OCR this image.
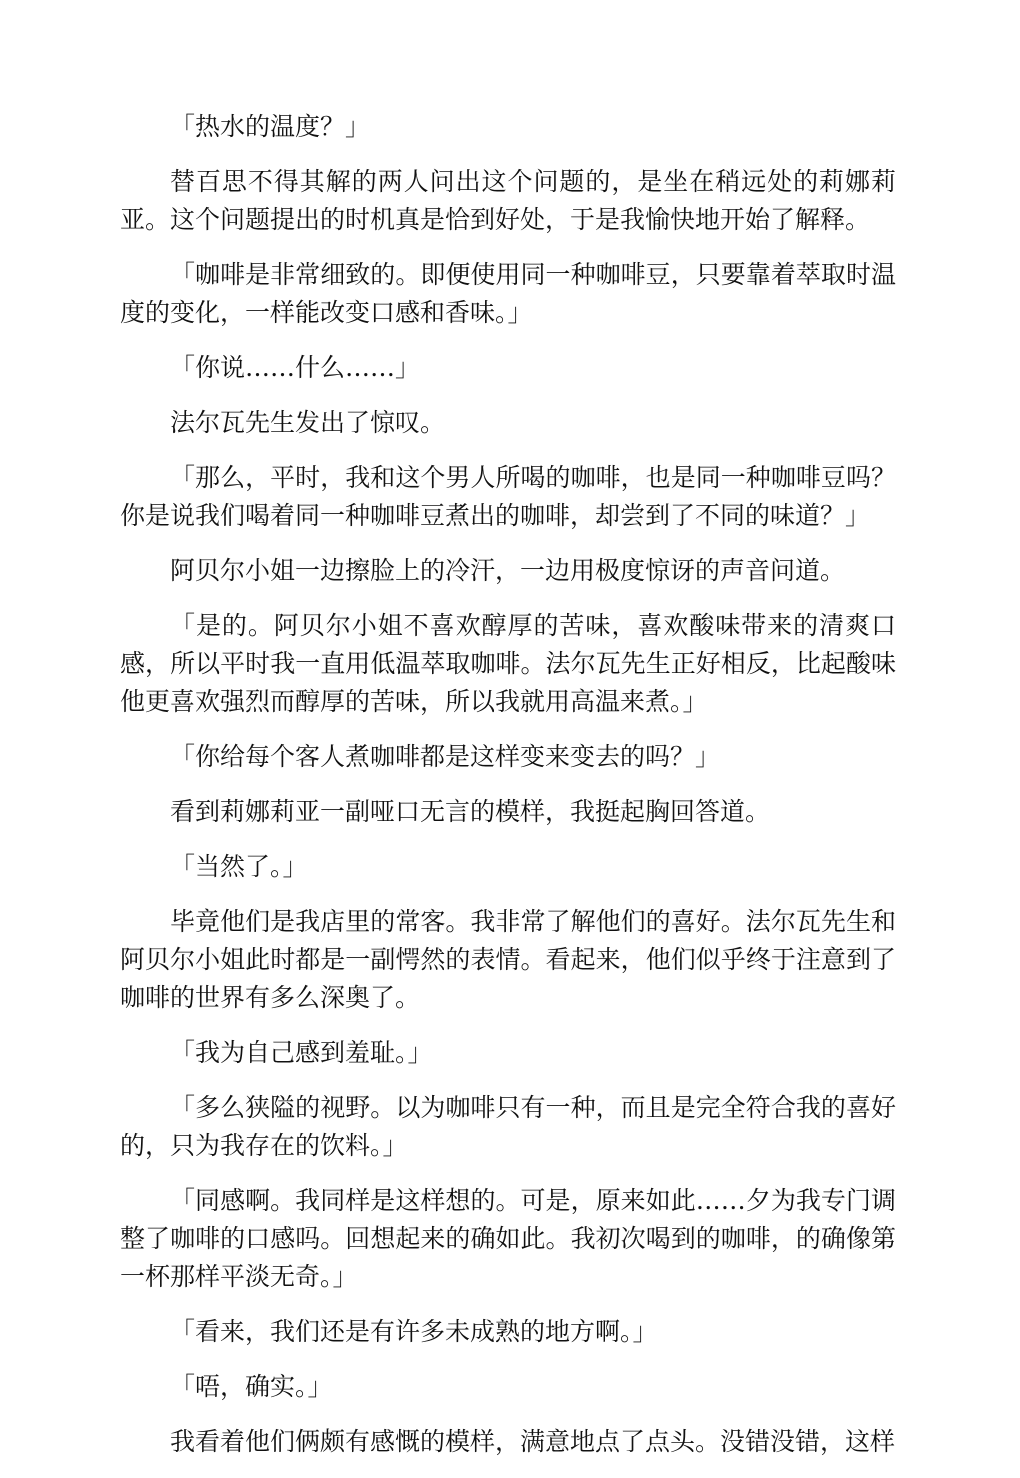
「热水的温度？」

替百思不得其解的两人问出这个问题的，是坐在稍远处的莉娜莉亚。这个问题提出的时机真是恰到好处，于是我愉快地开始了解释。

「咖啡是非常细致的。即便使用同一种咖啡豆，只要靠着萃取时温度的变化，一样能改变口感和香味。」

「你说……什么……」

法尔瓦先生发出了惊叹。

「那么，平时，我和这个男人所喝的咖啡，也是同一种咖啡豆吗？你是说我们喝着同一种咖啡豆煮出的咖啡，却尝到了不同的味道？」

阿贝尔小姐一边擦脸上的冷汗，一边用极度惊讶的声音问道。

「是的。阿贝尔小姐不喜欢醇厚的苦味，喜欢酸味带来的清爽口感，所以平时我一直用低温萃取咖啡。法尔瓦先生正好相反，比起酸味他更喜欢强烈而醇厚的苦味，所以我就用高温来煮。」

「你给每个客人煮咖啡都是这样变来变去的吗？」

看到莉娜莉亚一副哑口无言的模样，我挺起胸回答道。

「当然了。」

毕竟他们是我店里的常客。我非常了解他们的喜好。法尔瓦先生和阿贝尔小姐此时都是一副愕然的表情。看起来，他们似乎终于注意到了咖啡的世界有多么深奥了。

「我为自己感到羞耻。」

「多么狭隘的视野。以为咖啡只有一种，而且是完全符合我的喜好的，只为我存在的饮料。」

「同感啊。我同样是这样想的。可是，原来如此……夕为我专门调整了咖啡的口感吗。回想起来的确如此。我初次喝到的咖啡，的确像第一杯那样平淡无奇。」

「看来，我们还是有许多未成熟的地方啊。」

「唔，确实。」

我看着他们俩颇有感慨的模样，满意地点了点头。没错没错，这样
